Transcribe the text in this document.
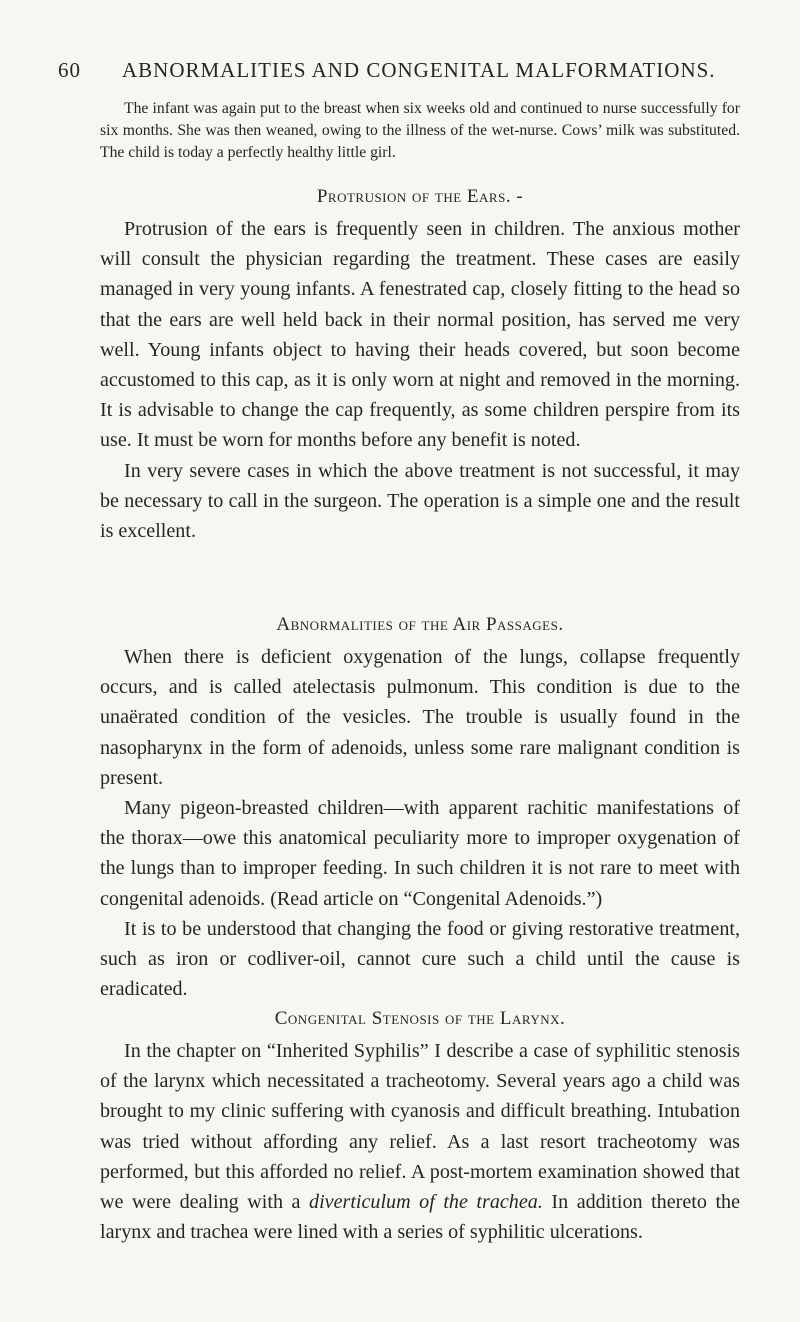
60 ABNORMALITIES AND CONGENITAL MALFORMATIONS.

The infant was again put to the breast when six weeks old and continued to nurse successfully for six months. She was then weaned, owing to the illness of the wet-nurse. Cows’ milk was substituted. The child is today a perfectly healthy little girl.

Protrusion of the Ears. -

Protrusion of the ears is frequently seen in children. The anxious mother will consult the physician regarding the treatment. These cases are easily managed in very young infants. A fenestrated cap, closely fitting to the head so that the ears are well held back in their normal position, has served me very well. Young infants object to having their heads covered, but soon become accustomed to this cap, as it is only worn at night and removed in the morning. It is advisable to change the cap frequently, as some children perspire from its use. It must be worn for months before any benefit is noted.

In very severe cases in which the above treatment is not successful, it may be necessary to call in the surgeon. The operation is a simple one and the result is excellent.

Abnormalities of the Air Passages.

When there is deficient oxygenation of the lungs, collapse frequently occurs, and is called atelectasis pulmonum. This condition is due to the unaërated condition of the vesicles. The trouble is usually found in the nasopharynx in the form of adenoids, unless some rare malignant condition is present.

Many pigeon-breasted children—with apparent rachitic manifestations of the thorax—owe this anatomical peculiarity more to improper oxygenation of the lungs than to improper feeding. In such children it is not rare to meet with congenital adenoids. (Read article on “Congenital Adenoids.”)

It is to be understood that changing the food or giving restorative treatment, such as iron or codliver-oil, cannot cure such a child until the cause is eradicated.

Congenital Stenosis of the Larynx.

In the chapter on “Inherited Syphilis” I describe a case of syphilitic stenosis of the larynx which necessitated a tracheotomy. Several years ago a child was brought to my clinic suffering with cyanosis and difficult breathing. Intubation was tried without affording any relief. As a last resort tracheotomy was performed, but this afforded no relief. A post-mortem examination showed that we were dealing with a diverticulum of the trachea. In addition thereto the larynx and trachea were lined with a series of syphilitic ulcerations.
